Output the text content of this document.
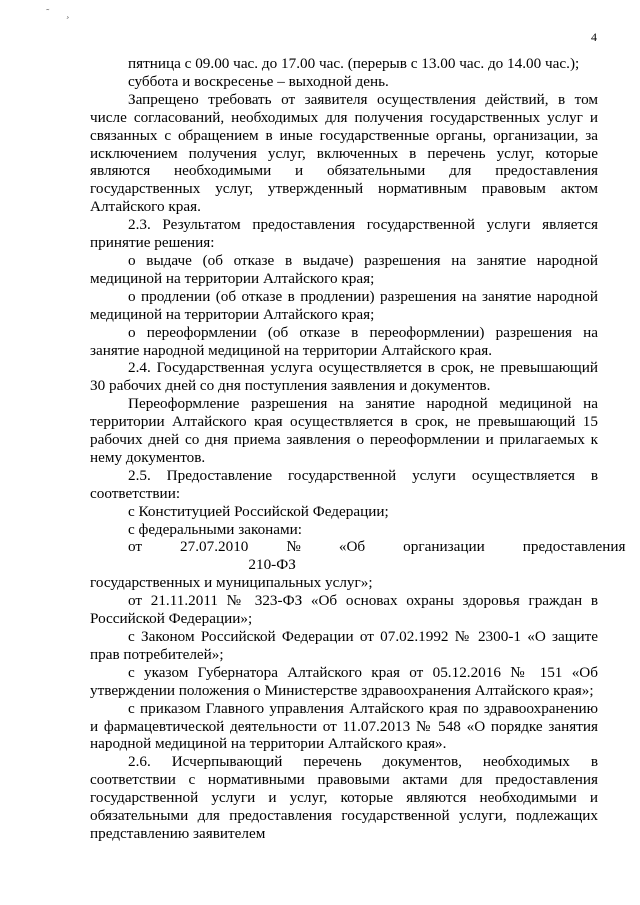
˜ ¸
4

пятница с 09.00 час. до 17.00 час. (перерыв с 13.00 час. до 14.00 час.);

суббота и воскресенье – выходной день.

Запрещено требовать от заявителя осуществления действий, в том числе согласований, необходимых для получения государственных услуг и связанных с обращением в иные государственные органы, организации, за исключением получения услуг, включенных в перечень услуг, которые являются необходимыми и обязательными для предоставления государственных услуг, утвержденный нормативным правовым актом Алтайского края.

2.3. Результатом предоставления государственной услуги является принятие решения:

о выдаче (об отказе в выдаче) разрешения на занятие народной медициной на территории Алтайского края;

о продлении (об отказе в продлении) разрешения на занятие народной медициной на территории Алтайского края;

о переоформлении (об отказе в переоформлении) разрешения на занятие народной медициной на территории Алтайского края.

2.4. Государственная услуга осуществляется в срок, не превышающий 30 рабочих дней со дня поступления заявления и документов.

Переоформление разрешения на занятие народной медициной на территории Алтайского края осуществляется в срок, не превышающий 15 рабочих дней со дня приема заявления о переоформлении и прилагаемых к нему документов.

2.5. Предоставление государственной услуги осуществляется в соответствии:

с Конституцией Российской Федерации;

с федеральными законами:

от	27.07.2010	№ 210-ФЗ
«Об	организации	предоставления

государственных и муниципальных услуг»;

от 21.11.2011 № 323-ФЗ «Об основах охраны здоровья граждан в Российской Федерации»;

с Законом Российской Федерации от 07.02.1992 № 2300-1 «О защите прав потребителей»;

с указом Губернатора Алтайского края от 05.12.2016 № 151 «Об утверждении положения о Министерстве здравоохранения Алтайского края»;

с приказом Главного управления Алтайского края по здравоохранению и фармацевтической деятельности от 11.07.2013 № 548 «О порядке занятия народной медициной на территории Алтайского края».

2.6. Исчерпывающий перечень документов, необходимых в соответствии с нормативными правовыми актами для предоставления государственной услуги и услуг, которые являются необходимыми и обязательными для предоставления государственной услуги, подлежащих представлению заявителем
